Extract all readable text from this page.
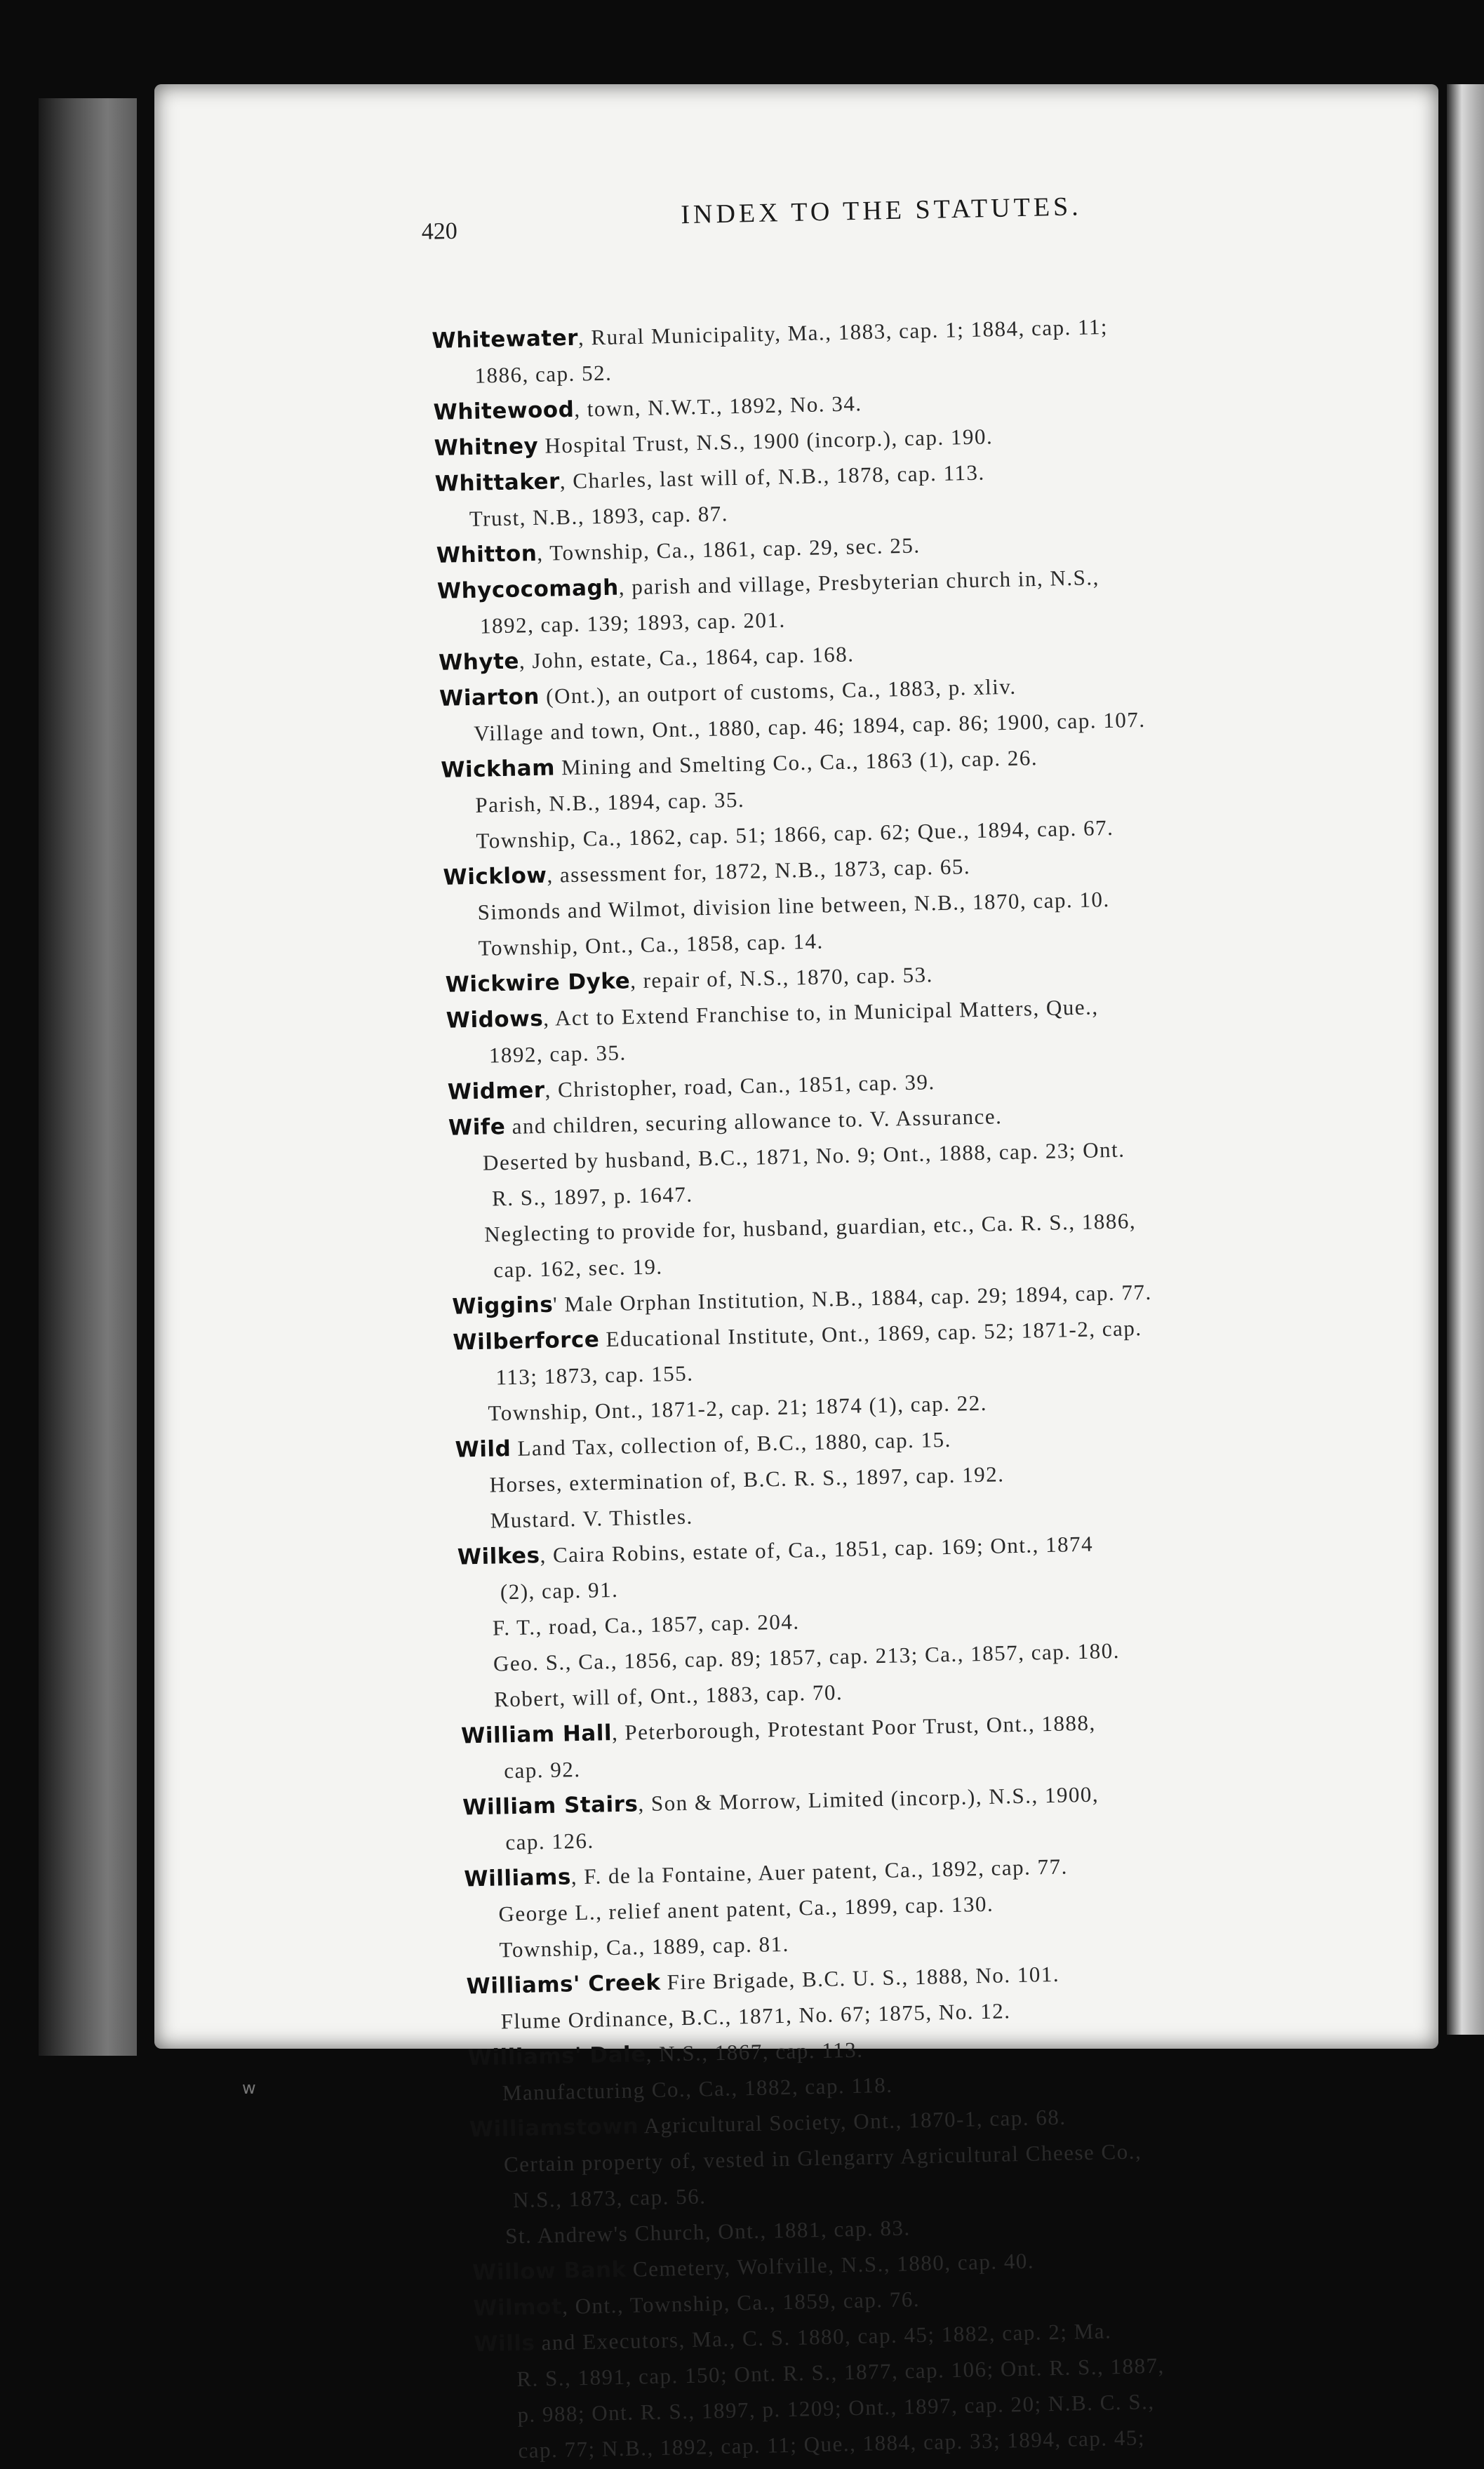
420
INDEX TO THE STATUTES.
Whitewater, Rural Municipality, Ma., 1883, cap. 1; 1884, cap. 11;
1886, cap. 52.
Whitewood, town, N.W.T., 1892, No. 34.
Whitney Hospital Trust, N.S., 1900 (incorp.), cap. 190.
Whittaker, Charles, last will of, N.B., 1878, cap. 113.
Trust, N.B., 1893, cap. 87.
Whitton, Township, Ca., 1861, cap. 29, sec. 25.
Whycocomagh, parish and village, Presbyterian church in, N.S.,
1892, cap. 139; 1893, cap. 201.
Whyte, John, estate, Ca., 1864, cap. 168.
Wiarton (Ont.), an outport of customs, Ca., 1883, p. xliv.
Village and town, Ont., 1880, cap. 46; 1894, cap. 86; 1900, cap. 107.
Wickham Mining and Smelting Co., Ca., 1863 (1), cap. 26.
Parish, N.B., 1894, cap. 35.
Township, Ca., 1862, cap. 51; 1866, cap. 62; Que., 1894, cap. 67.
Wicklow, assessment for, 1872, N.B., 1873, cap. 65.
Simonds and Wilmot, division line between, N.B., 1870, cap. 10.
Township, Ont., Ca., 1858, cap. 14.
Wickwire Dyke, repair of, N.S., 1870, cap. 53.
Widows, Act to Extend Franchise to, in Municipal Matters, Que.,
1892, cap. 35.
Widmer, Christopher, road, Can., 1851, cap. 39.
Wife and children, securing allowance to. V. Assurance.
Deserted by husband, B.C., 1871, No. 9; Ont., 1888, cap. 23; Ont.
R. S., 1897, p. 1647.
Neglecting to provide for, husband, guardian, etc., Ca. R. S., 1886,
cap. 162, sec. 19.
Wiggins' Male Orphan Institution, N.B., 1884, cap. 29; 1894, cap. 77.
Wilberforce Educational Institute, Ont., 1869, cap. 52; 1871-2, cap.
113; 1873, cap. 155.
Township, Ont., 1871-2, cap. 21; 1874 (1), cap. 22.
Wild Land Tax, collection of, B.C., 1880, cap. 15.
Horses, extermination of, B.C. R. S., 1897, cap. 192.
Mustard. V. Thistles.
Wilkes, Caira Robins, estate of, Ca., 1851, cap. 169; Ont., 1874
(2), cap. 91.
F. T., road, Ca., 1857, cap. 204.
Geo. S., Ca., 1856, cap. 89; 1857, cap. 213; Ca., 1857, cap. 180.
Robert, will of, Ont., 1883, cap. 70.
William Hall, Peterborough, Protestant Poor Trust, Ont., 1888,
cap. 92.
William Stairs, Son & Morrow, Limited (incorp.), N.S., 1900,
cap. 126.
Williams, F. de la Fontaine, Auer patent, Ca., 1892, cap. 77.
George L., relief anent patent, Ca., 1899, cap. 130.
Township, Ca., 1889, cap. 81.
Williams' Creek Fire Brigade, B.C. U. S., 1888, No. 101.
Flume Ordinance, B.C., 1871, No. 67; 1875, No. 12.
Williams' Dale, N.S., 1867, cap. 113.
Manufacturing Co., Ca., 1882, cap. 118.
Williamstown Agricultural Society, Ont., 1870-1, cap. 68.
Certain property of, vested in Glengarry Agricultural Cheese Co.,
N.S., 1873, cap. 56.
St. Andrew's Church, Ont., 1881, cap. 83.
Willow Bank Cemetery, Wolfville, N.S., 1880, cap. 40.
Wilmot, Ont., Township, Ca., 1859, cap. 76.
Wills and Executors, Ma., C. S. 1880, cap. 45; 1882, cap. 2; Ma.
R. S., 1891, cap. 150; Ont. R. S., 1877, cap. 106; Ont. R. S., 1887,
p. 988; Ont. R. S., 1897, p. 1209; Ont., 1897, cap. 20; N.B. C. S.,
cap. 77; N.B., 1892, cap. 11; Que., 1884, cap. 33; 1894, cap. 45;
w
